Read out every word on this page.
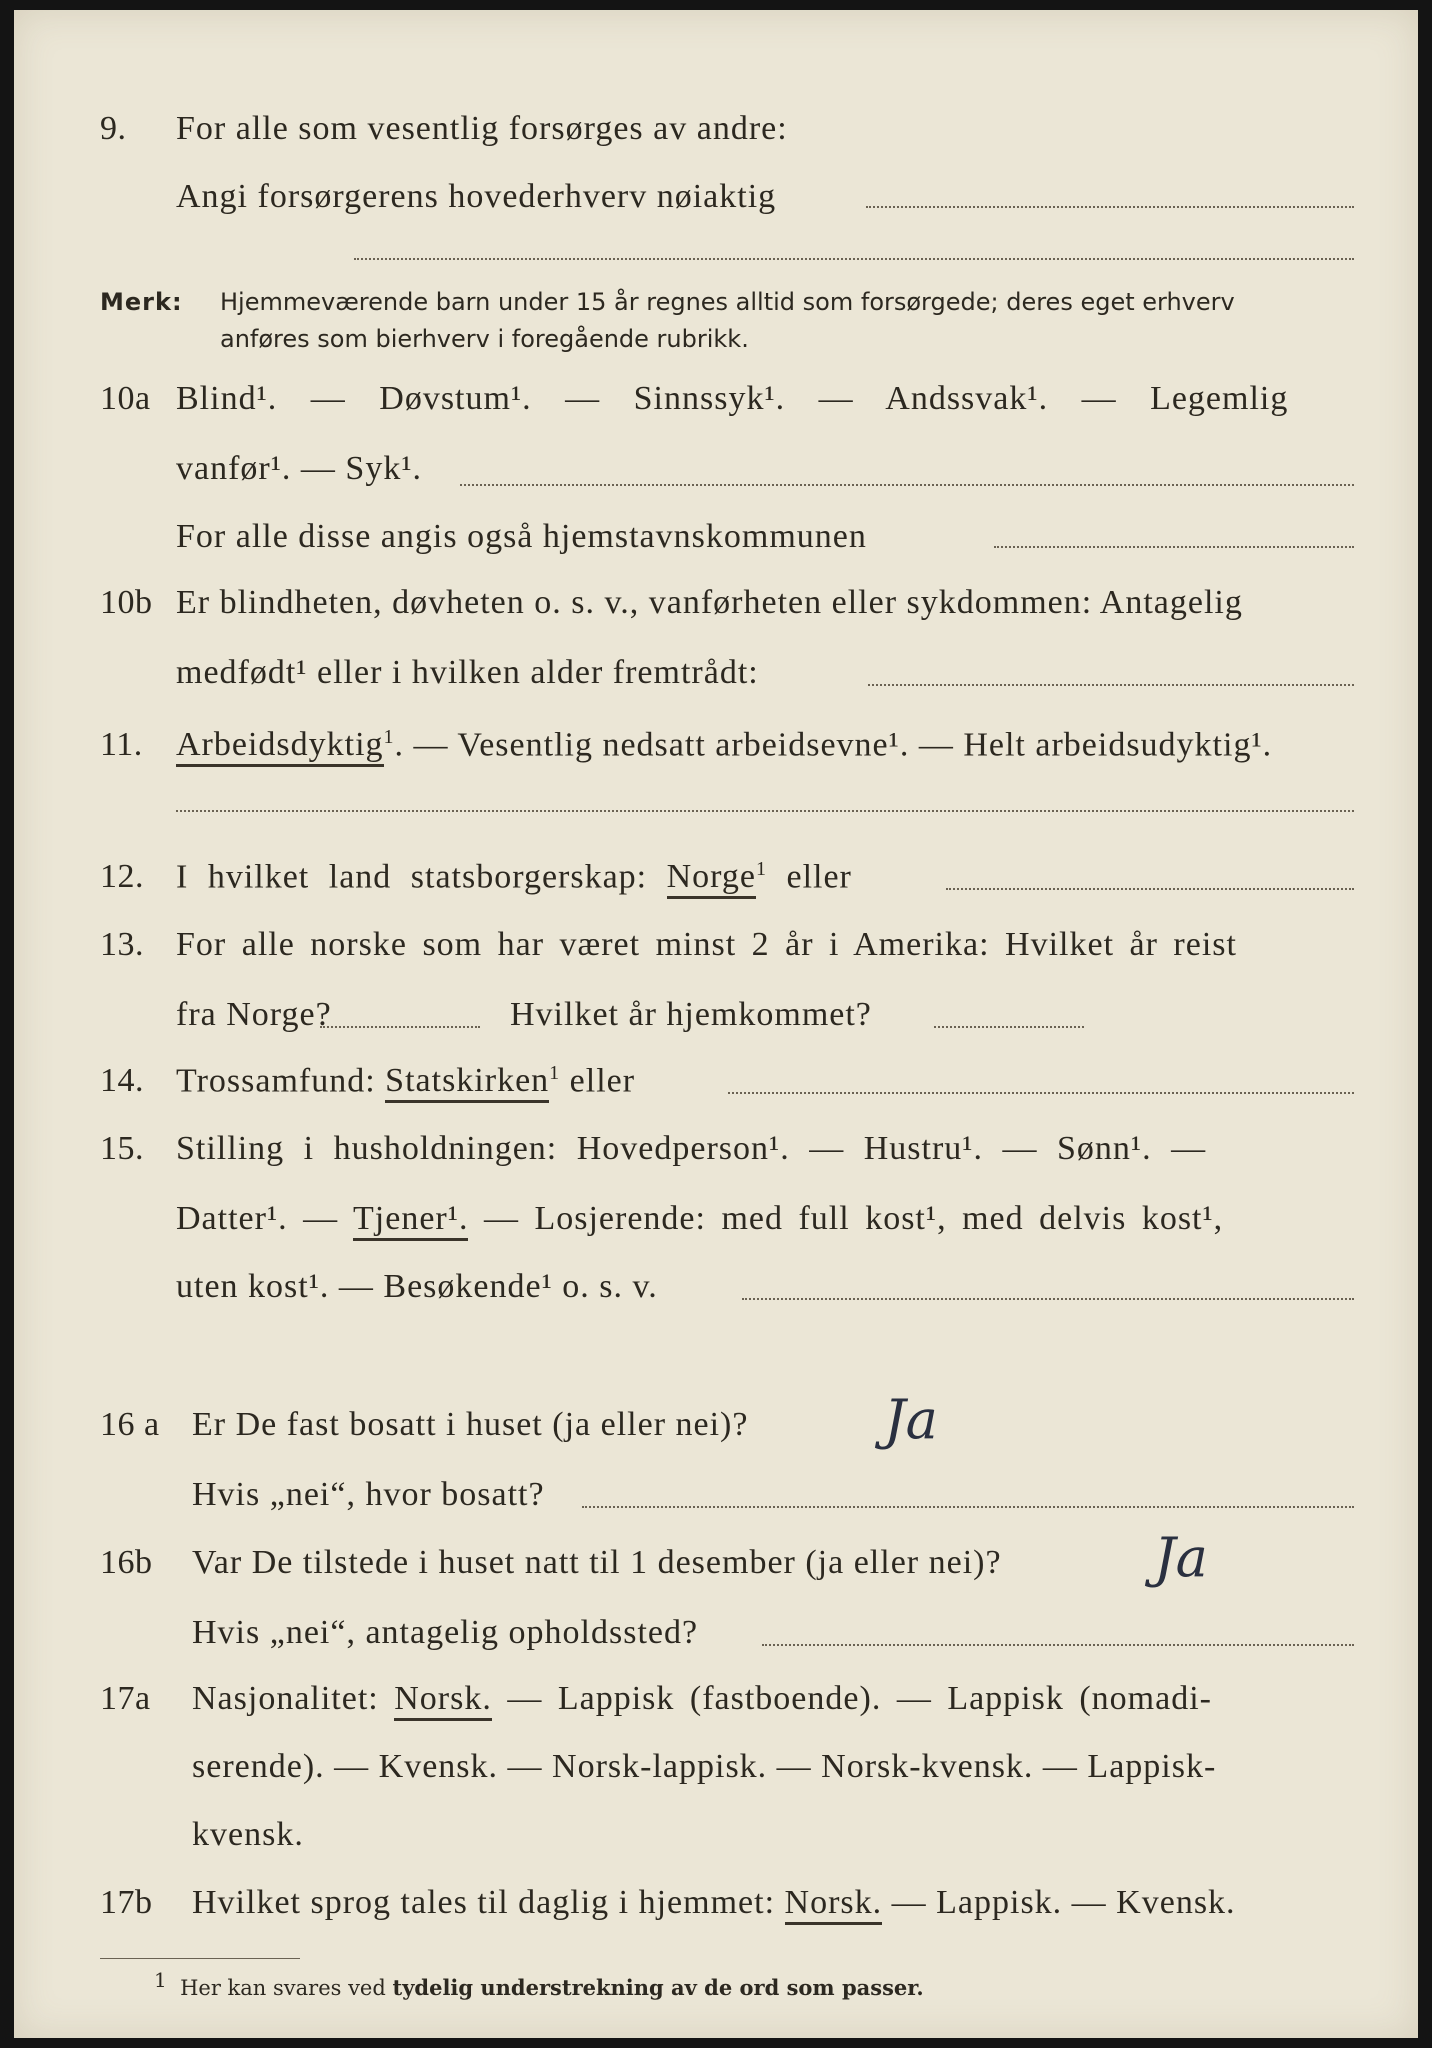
9. For alle som vesentlig forsørges av andre:
Angi forsørgerens hovederhverv nøiaktig
Merk: Hjemmeværende barn under 15 år regnes alltid som forsørgede; deres eget erhverv
anføres som bierhverv i foregående rubrikk.
10a Blind¹. — Døvstum¹. — Sinnssyk¹. — Andssvak¹. — Legemlig
vanfør¹. — Syk¹.
For alle disse angis også hjemstavnskommunen
10b Er blindheten, døvheten o. s. v., vanførheten eller sykdommen: Antagelig
medfødt¹ eller i hvilken alder fremtrådt:
11. Arbeidsdyktig$^1$. — Vesentlig nedsatt arbeidsevne¹. — Helt arbeidsudyktig¹.
12. I hvilket land statsborgerskap: Norge$^1$ eller
13. For alle norske som har været minst 2 år i Amerika: Hvilket år reist
fra Norge?	Hvilket år hjemkommet?
14. Trossamfund: Statskirken$^1$ eller
15. Stilling i husholdningen: Hovedperson¹. — Hustru¹. — Sønn¹. —
Datter¹. — Tjener¹. — Losjerende: med full kost¹, med delvis kost¹,
uten kost¹. — Besøkende¹ o. s. v.
16 a Er De fast bosatt i huset (ja eller nei)?	Ja
Hvis „nei“, hvor bosatt?
16b Var De tilstede i huset natt til 1 desember (ja eller nei)?	Ja
Hvis „nei“, antagelig opholdssted?
17a Nasjonalitet: Norsk. — Lappisk (fastboende). — Lappisk (nomadi-
serende). — Kvensk. — Norsk-lappisk. — Norsk-kvensk. — Lappisk-
kvensk.
17b Hvilket sprog tales til daglig i hjemmet: Norsk. — Lappisk. — Kvensk.
1 Her kan svares ved tydelig understrekning av de ord som passer.
